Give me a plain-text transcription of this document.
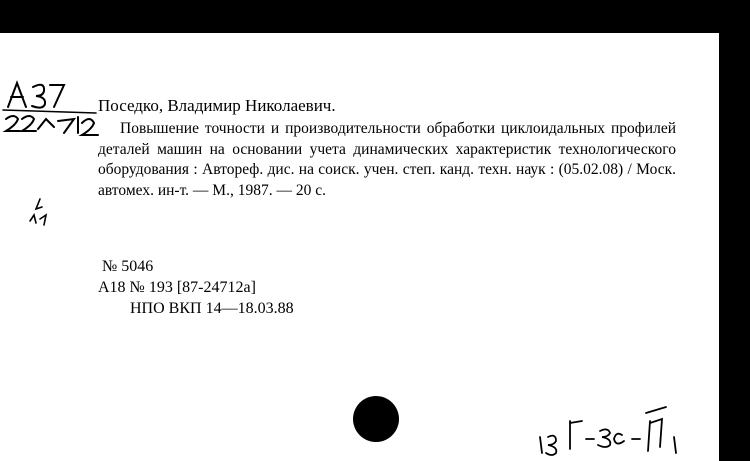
Поседко, Владимир Николаевич.
Повышение точности и производительности обработки циклоидальных профилей деталей машин на основании учета динамических характеристик технологического оборудования : Автореф. дис. на соиск. учен. степ. канд. техн. наук : (05.02.08) / Моск. автомех. ин-т. — М., 1987. — 20 с.
№ 5046
А18 № 193 [87-24712а]
НПО ВКП 14—18.03.88
